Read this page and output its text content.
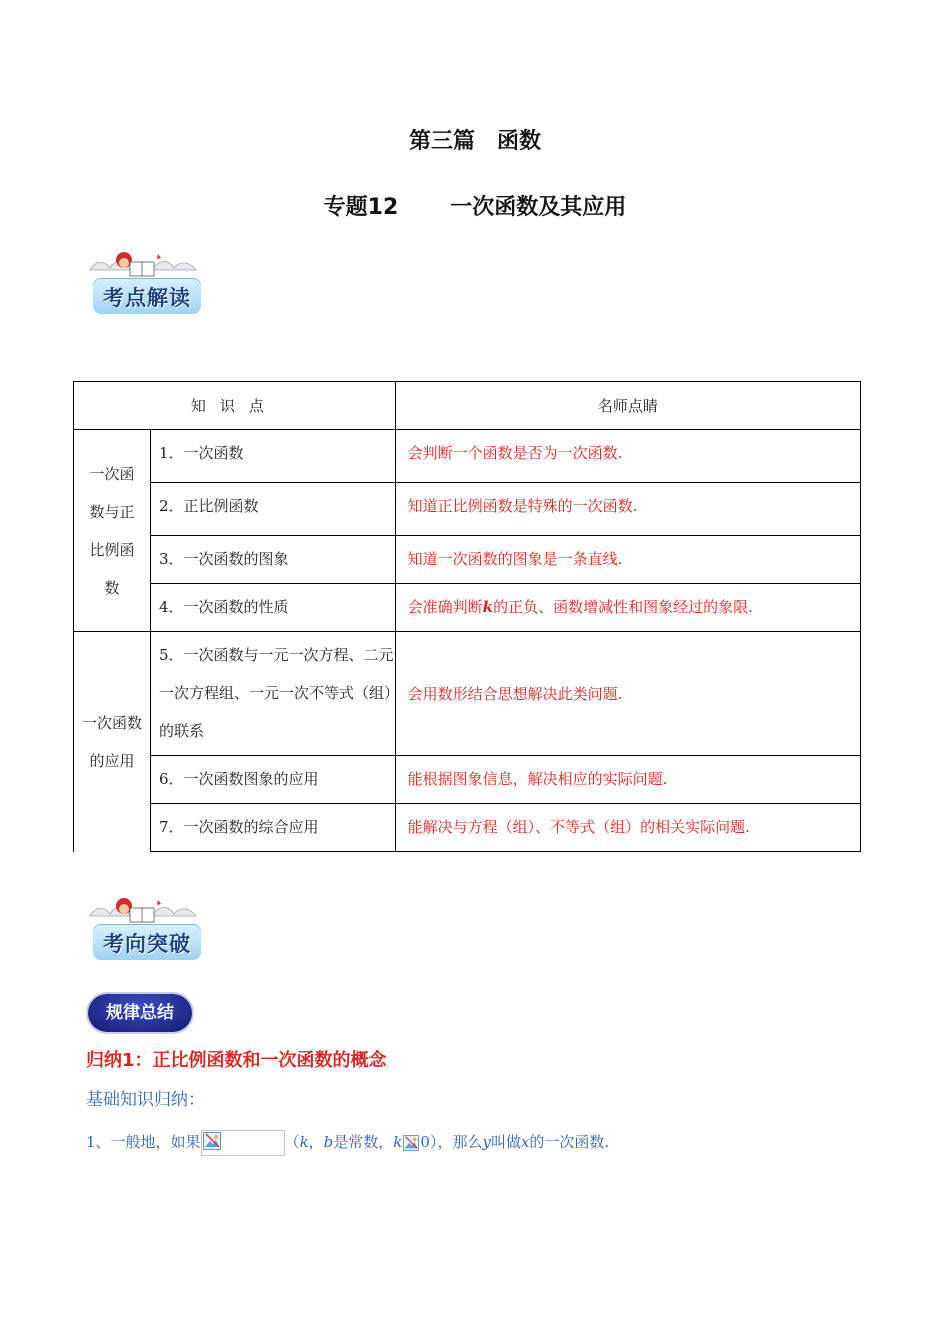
第三篇　函数
专题12 一次函数及其应用
考点解读
知识点		名师点睛

一次函数与正比例函数	1．一次函数	会判断一个函数是否为一次函数.
	2．正比例函数	知道正比例函数是特殊的一次函数.
	3．一次函数的图象	知道一次函数的图象是一条直线.
	4．一次函数的性质	会准确判断k的正负、函数增减性和图象经过的象限.

一次函数的应用	5．一次函数与一元一次方程、二元一次方程组、一元一次不等式（组）的联系	会用数形结合思想解决此类问题.
	6．一次函数图象的应用	能根据图象信息，解决相应的实际问题.
	7．一次函数的综合应用	能解决与方程（组）、不等式（组）的相关实际问题.
考向突破
规律总结
归纳1：正比例函数和一次函数的概念
基础知识归纳：
1、一般地，如果	（k，b是常数，k 0），那么y叫做x的一次函数.
